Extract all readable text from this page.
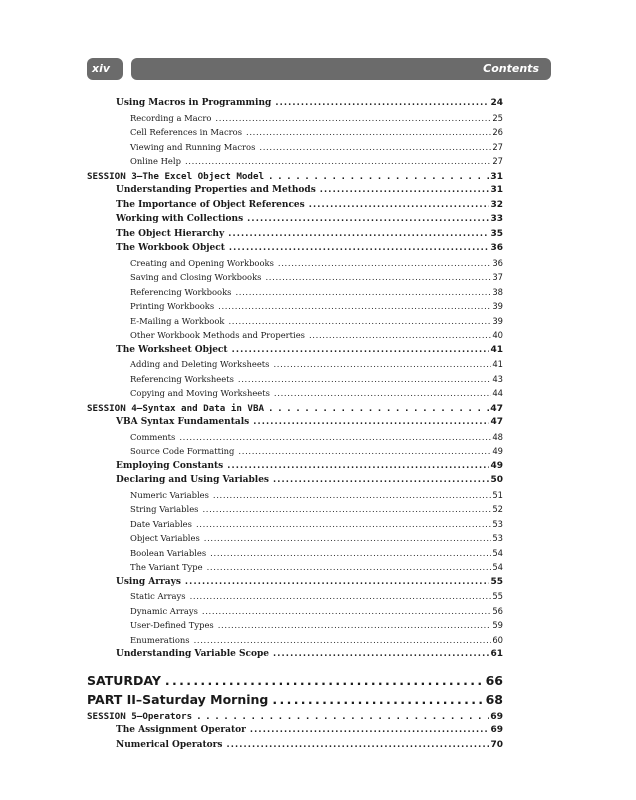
xiv	Contents
Using Macros in Programming . . .	24
Recording a Macro . . .	25
Cell References in Macros . . .	26
Viewing and Running Macros . . .	27
Online Help . . .	27
SESSION 3–The Excel Object Model . . .	31
Understanding Properties and Methods . . .	31
The Importance of Object References . . .	32
Working with Collections . . .	33
The Object Hierarchy . . .	35
The Workbook Object . . .	36
Creating and Opening Workbooks . . .	36
Saving and Closing Workbooks . . .	37
Referencing Workbooks . . .	38
Printing Workbooks . . .	39
E-Mailing a Workbook . . .	39
Other Workbook Methods and Properties . . .	40
The Worksheet Object . . .	41
Adding and Deleting Worksheets . . .	41
Referencing Worksheets . . .	43
Copying and Moving Worksheets . . .	44
SESSION 4–Syntax and Data in VBA . . .	47
VBA Syntax Fundamentals . . .	47
Comments . . .	48
Source Code Formatting . . .	49
Employing Constants . . .	49
Declaring and Using Variables . . .	50
Numeric Variables . . .	51
String Variables . . .	52
Date Variables . . .	53
Object Variables . . .	53
Boolean Variables . . .	54
The Variant Type . . .	54
Using Arrays . . .	55
Static Arrays . . .	55
Dynamic Arrays . . .	56
User-Defined Types . . .	59
Enumerations . . .	60
Understanding Variable Scope . . .	61
SATURDAY . . .	66
PART II–Saturday Morning . . .	68
SESSION 5–Operators . . .	69
The Assignment Operator . . .	69
Numerical Operators . . .	70
